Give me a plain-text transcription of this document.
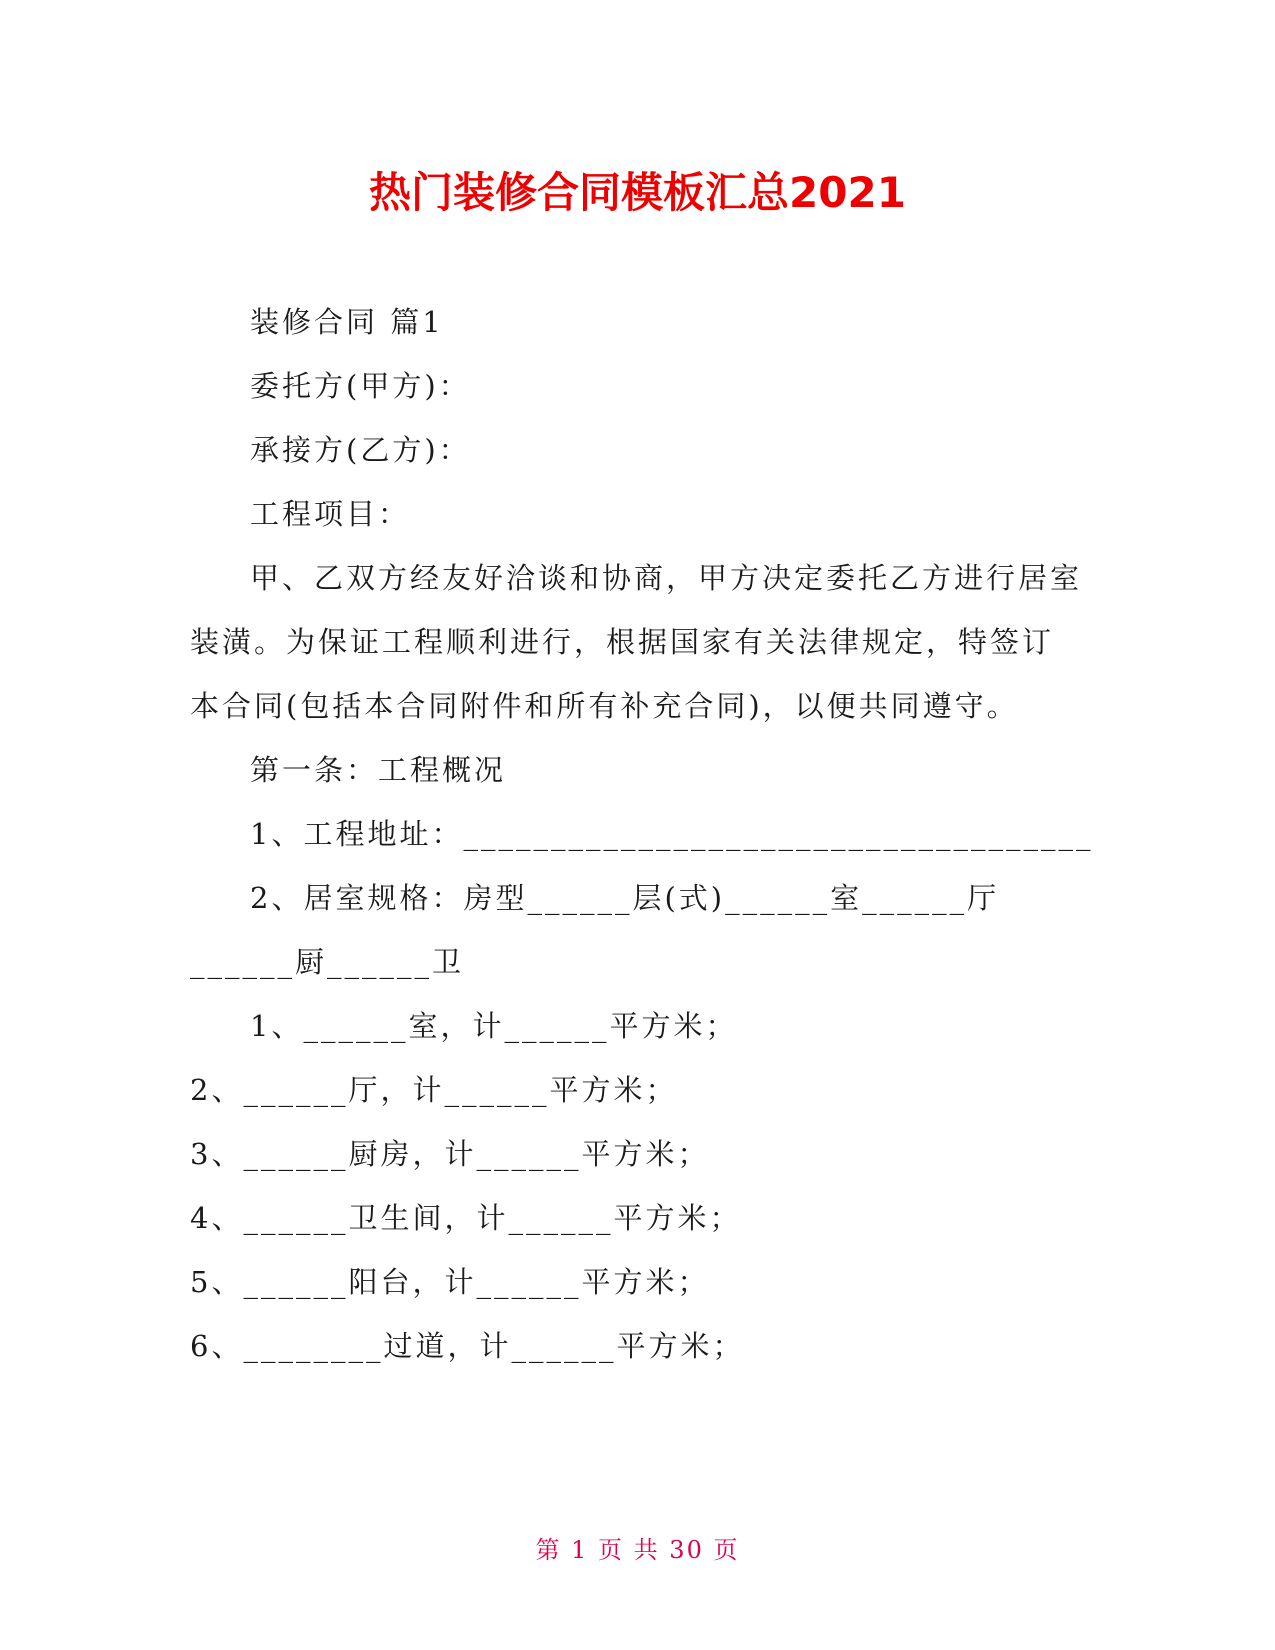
热门装修合同模板汇总2021

装修合同 篇1

委托方(甲方)：

承接方(乙方)：

工程项目：

甲、乙双方经友好洽谈和协商，甲方决定委托乙方进行居室装潢。为保证工程顺利进行，根据国家有关法律规定，特签订本合同(包括本合同附件和所有补充合同)，以便共同遵守。

第一条：工程概况

1、工程地址：____________________________________

2、居室规格：房型______层(式)______室______厅______厨______卫

1、______室，计______平方米；

2、______厅，计______平方米；

3、______厨房，计______平方米；

4、______卫生间，计______平方米；

5、______阳台，计______平方米；

6、________过道，计______平方米；

第 1 页 共 30 页
